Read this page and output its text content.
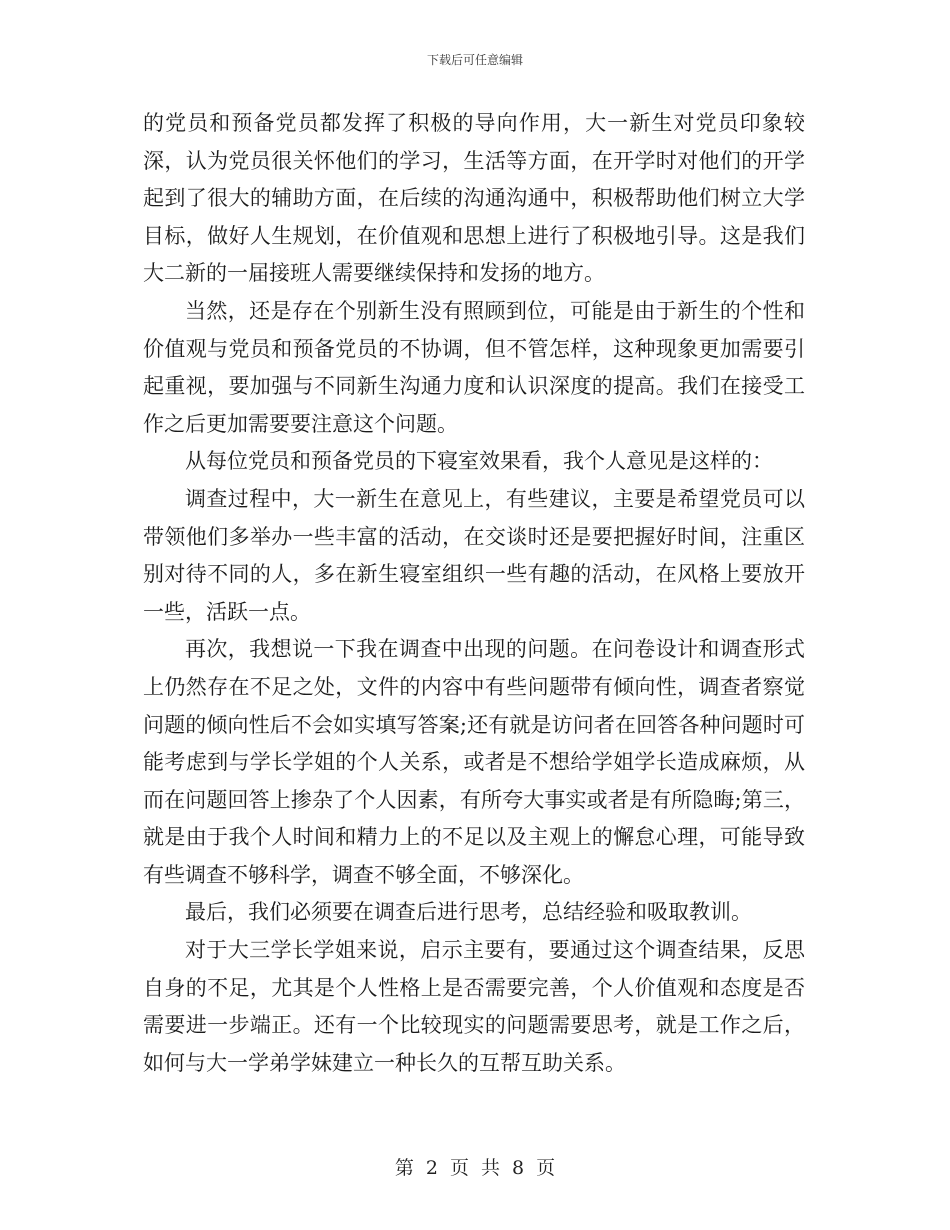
下载后可任意编辑

的党员和预备党员都发挥了积极的导向作用，大一新生对党员印象较深，认为党员很关怀他们的学习，生活等方面，在开学时对他们的开学起到了很大的辅助方面，在后续的沟通沟通中，积极帮助他们树立大学目标，做好人生规划，在价值观和思想上进行了积极地引导。这是我们大二新的一届接班人需要继续保持和发扬的地方。

当然，还是存在个别新生没有照顾到位，可能是由于新生的个性和价值观与党员和预备党员的不协调，但不管怎样，这种现象更加需要引起重视，要加强与不同新生沟通力度和认识深度的提高。我们在接受工作之后更加需要要注意这个问题。

从每位党员和预备党员的下寝室效果看，我个人意见是这样的：

调查过程中，大一新生在意见上，有些建议，主要是希望党员可以带领他们多举办一些丰富的活动，在交谈时还是要把握好时间，注重区别对待不同的人，多在新生寝室组织一些有趣的活动，在风格上要放开一些，活跃一点。

再次，我想说一下我在调查中出现的问题。在问卷设计和调查形式上仍然存在不足之处，文件的内容中有些问题带有倾向性，调查者察觉问题的倾向性后不会如实填写答案;还有就是访问者在回答各种问题时可能考虑到与学长学姐的个人关系，或者是不想给学姐学长造成麻烦，从而在问题回答上掺杂了个人因素，有所夸大事实或者是有所隐晦;第三，就是由于我个人时间和精力上的不足以及主观上的懈怠心理，可能导致有些调查不够科学，调查不够全面，不够深化。

最后，我们必须要在调查后进行思考，总结经验和吸取教训。

对于大三学长学姐来说，启示主要有，要通过这个调查结果，反思自身的不足，尤其是个人性格上是否需要完善，个人价值观和态度是否需要进一步端正。还有一个比较现实的问题需要思考，就是工作之后，如何与大一学弟学妹建立一种长久的互帮互助关系。

第 2 页 共 8 页
